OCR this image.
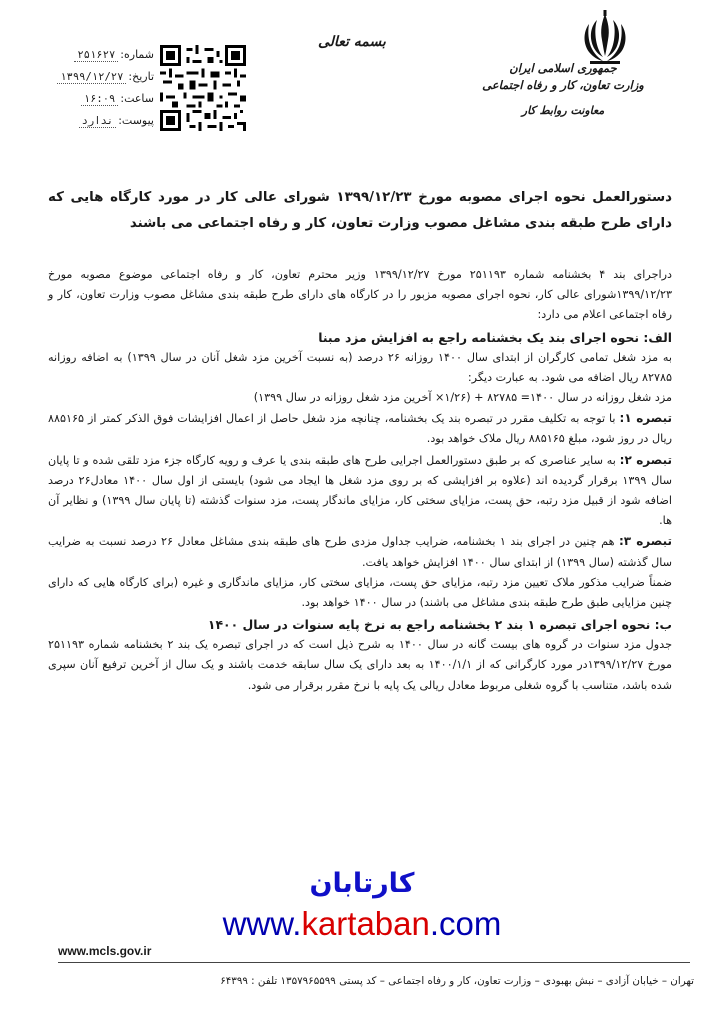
جمهوری اسلامی ایران
وزارت تعاون، کار و رفاه اجتماعی
معاونت روابط کار
بسمه تعالی
شماره:
۲۵۱۶۲۷
تاریخ:
۱۳۹۹/۱۲/۲۷
ساعت:
۱۶:۰۹
پیوست:
ندارد
دستورالعمل نحوه اجرای مصوبه مورخ ۱۳۹۹/۱۲/۲۳ شورای عالی کار در مورد کارگاه هایی که دارای طرح طبقه بندی مشاغل مصوب وزارت تعاون، کار و رفاه اجتماعی می باشند

دراجرای بند ۴ بخشنامه شماره ۲۵۱۱۹۳ مورخ ۱۳۹۹/۱۲/۲۷ وزیر محترم تعاون، کار و رفاه اجتماعی موضوع مصوبه مورخ ۱۳۹۹/۱۲/۲۳شورای عالی کار، نحوه اجرای مصوبه مزبور را در کارگاه های دارای طرح طبقه بندی مشاغل مصوب وزارت تعاون، کار و رفاه اجتماعی اعلام می دارد:

الف: نحوه اجرای بند یک بخشنامه راجع به افزایش مزد مبنا

به مزد شغل تمامی کارگران از ابتدای سال ۱۴۰۰ روزانه ۲۶ درصد (به نسبت آخرین مزد شغل آنان در سال ۱۳۹۹) به اضافه روزانه ۸۲۷۸۵ ریال اضافه می شود. به عبارت دیگر:

مزد شغل روزانه در سال ۱۴۰۰= ۸۲۷۸۵ + (۱/۲۶× آخرین مزد شغل روزانه در سال ۱۳۹۹)

تبصره ۱: با توجه به تکلیف مقرر در تبصره بند یک بخشنامه، چنانچه مزد شغل حاصل از اعمال افزایشات فوق الذکر کمتر از ۸۸۵۱۶۵ ریال در روز شود، مبلغ ۸۸۵۱۶۵ ریال ملاک خواهد بود.

تبصره ۲: به سایر عناصری که بر طبق دستورالعمل اجرایی طرح های طبقه بندی یا عرف و رویه کارگاه جزء مزد تلقی شده و تا پایان سال ۱۳۹۹ برقرار گردیده اند (علاوه بر افزایشی که بر روی مزد شغل ها ایجاد می شود) بایستی از اول سال ۱۴۰۰ معادل۲۶ درصد اضافه شود از قبیل مزد رتبه، حق پست، مزایای سختی کار، مزایای ماندگار پست، مزد سنوات گذشته (تا پایان سال ۱۳۹۹) و نظایر آن ها.

تبصره ۳: هم چنین در اجرای بند ۱ بخشنامه، ضرایب جداول مزدی طرح های طبقه بندی مشاغل معادل ۲۶ درصد نسبت به ضرایب سال گذشته (سال ۱۳۹۹) از ابتدای سال ۱۴۰۰ افزایش خواهد یافت.

ضمناً ضرایب مذکور ملاک تعیین مزد رتبه، مزایای حق پست، مزایای سختی کار، مزایای ماندگاری و غیره (برای کارگاه هایی که دارای چنین مزایایی طبق طرح طبقه بندی مشاغل می باشند) در سال ۱۴۰۰ خواهد بود.

ب: نحوه اجرای تبصره ۱ بند ۲ بخشنامه راجع به نرخ پایه سنوات در سال ۱۴۰۰

جدول مزد سنوات در گروه های بیست گانه در سال ۱۴۰۰ به شرح ذیل است که در اجرای تبصره یک بند ۲ بخشنامه شماره ۲۵۱۱۹۳ مورخ ۱۳۹۹/۱۲/۲۷در مورد کارگرانی که از ۱۴۰۰/۱/۱ به بعد دارای یک سال سابقه خدمت باشند و یک سال از آخرین ترفیع آنان سپری شده باشد، متناسب با گروه شغلی مربوط معادل ریالی یک پایه با نرخ مقرر برقرار می شود.

کارتابان
www.kartaban.com
www.mcls.gov.ir
تهران – خیابان آزادی – نبش بهبودی – وزارت تعاون، کار و رفاه اجتماعی – کد پستی ۱۳۵۷۹۶۵۵۹۹ تلفن : ۶۴۳۹۹
